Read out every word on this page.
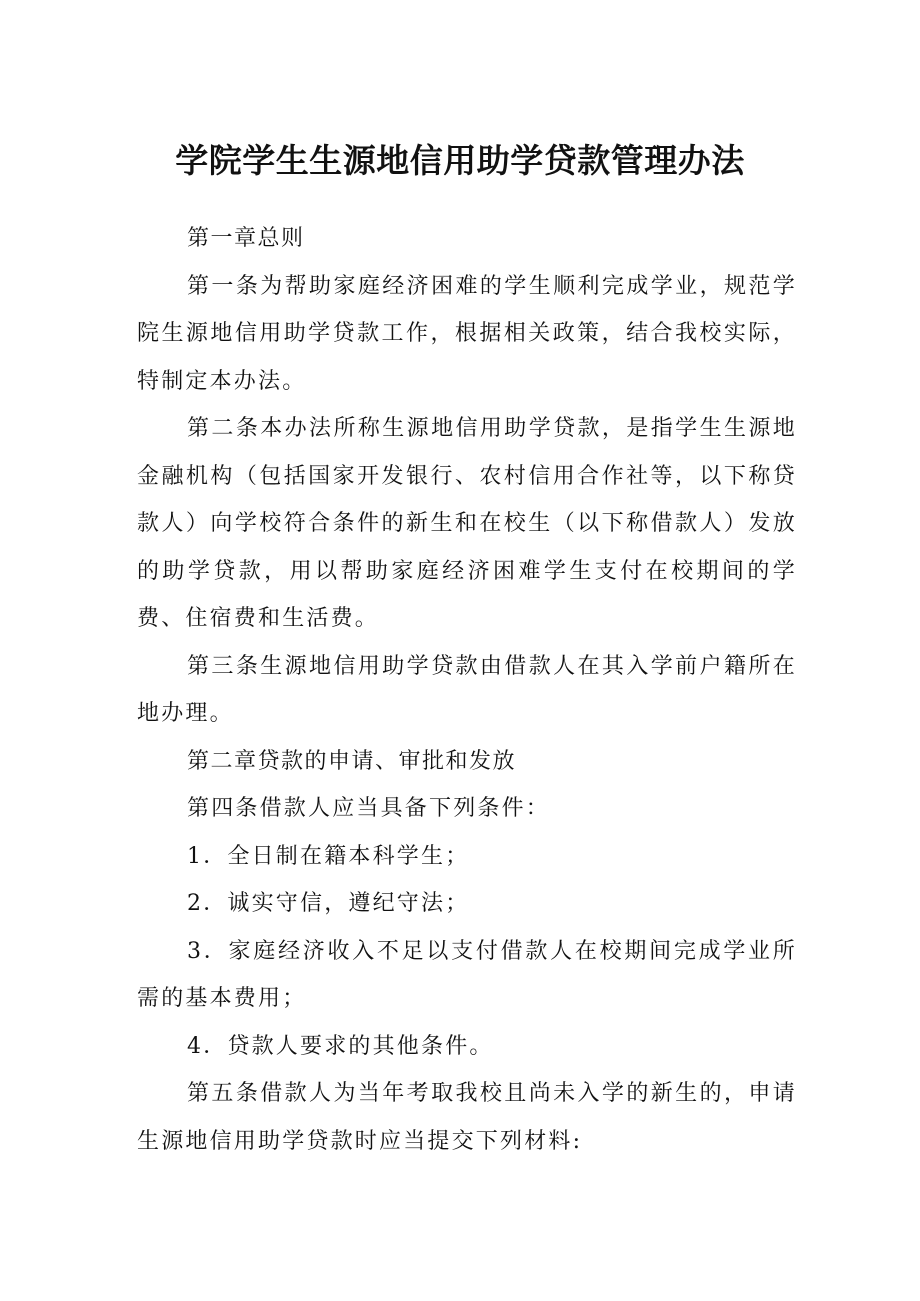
学院学生生源地信用助学贷款管理办法

第一章总则

第一条为帮助家庭经济困难的学生顺利完成学业，规范学院生源地信用助学贷款工作，根据相关政策，结合我校实际，特制定本办法。

第二条本办法所称生源地信用助学贷款，是指学生生源地金融机构（包括国家开发银行、农村信用合作社等，以下称贷款人）向学校符合条件的新生和在校生（以下称借款人）发放的助学贷款，用以帮助家庭经济困难学生支付在校期间的学费、住宿费和生活费。

第三条生源地信用助学贷款由借款人在其入学前户籍所在地办理。

第二章贷款的申请、审批和发放

第四条借款人应当具备下列条件：

1．全日制在籍本科学生；

2．诚实守信，遵纪守法；

3．家庭经济收入不足以支付借款人在校期间完成学业所需的基本费用；

4．贷款人要求的其他条件。

第五条借款人为当年考取我校且尚未入学的新生的，申请生源地信用助学贷款时应当提交下列材料:
